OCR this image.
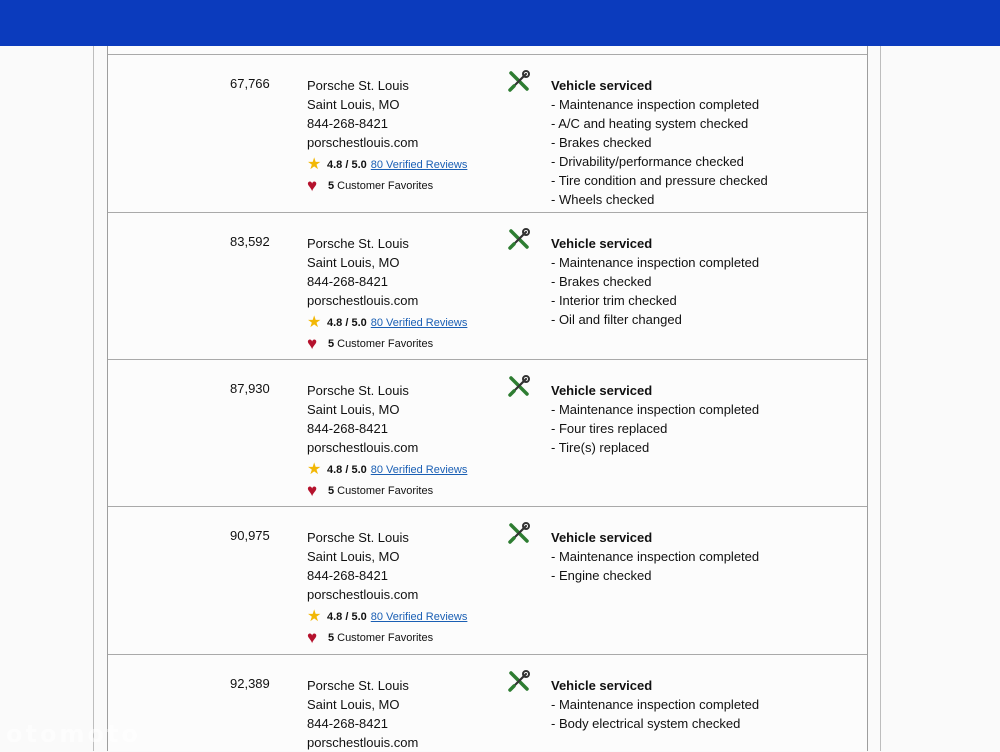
67,766	Porsche St. Louis
Saint Louis, MO
844-268-8421
porschestlouis.com
★ 4.8 / 5.0 80 Verified Reviews
♥ 5 Customer Favorites
Vehicle serviced
- Maintenance inspection completed
- A/C and heating system checked
- Brakes checked
- Drivability/performance checked
- Tire condition and pressure checked
- Wheels checked
83,592	Porsche St. Louis
Saint Louis, MO
844-268-8421
porschestlouis.com
★ 4.8 / 5.0 80 Verified Reviews
♥ 5 Customer Favorites
Vehicle serviced
- Maintenance inspection completed
- Brakes checked
- Interior trim checked
- Oil and filter changed
87,930	Porsche St. Louis
Saint Louis, MO
844-268-8421
porschestlouis.com
★ 4.8 / 5.0 80 Verified Reviews
♥ 5 Customer Favorites
Vehicle serviced
- Maintenance inspection completed
- Four tires replaced
- Tire(s) replaced
90,975	Porsche St. Louis
Saint Louis, MO
844-268-8421
porschestlouis.com
★ 4.8 / 5.0 80 Verified Reviews
♥ 5 Customer Favorites
Vehicle serviced
- Maintenance inspection completed
- Engine checked
92,389	Porsche St. Louis
Saint Louis, MO
844-268-8421
porschestlouis.com
Vehicle serviced
- Maintenance inspection completed
- Body electrical system checked
otomoto
